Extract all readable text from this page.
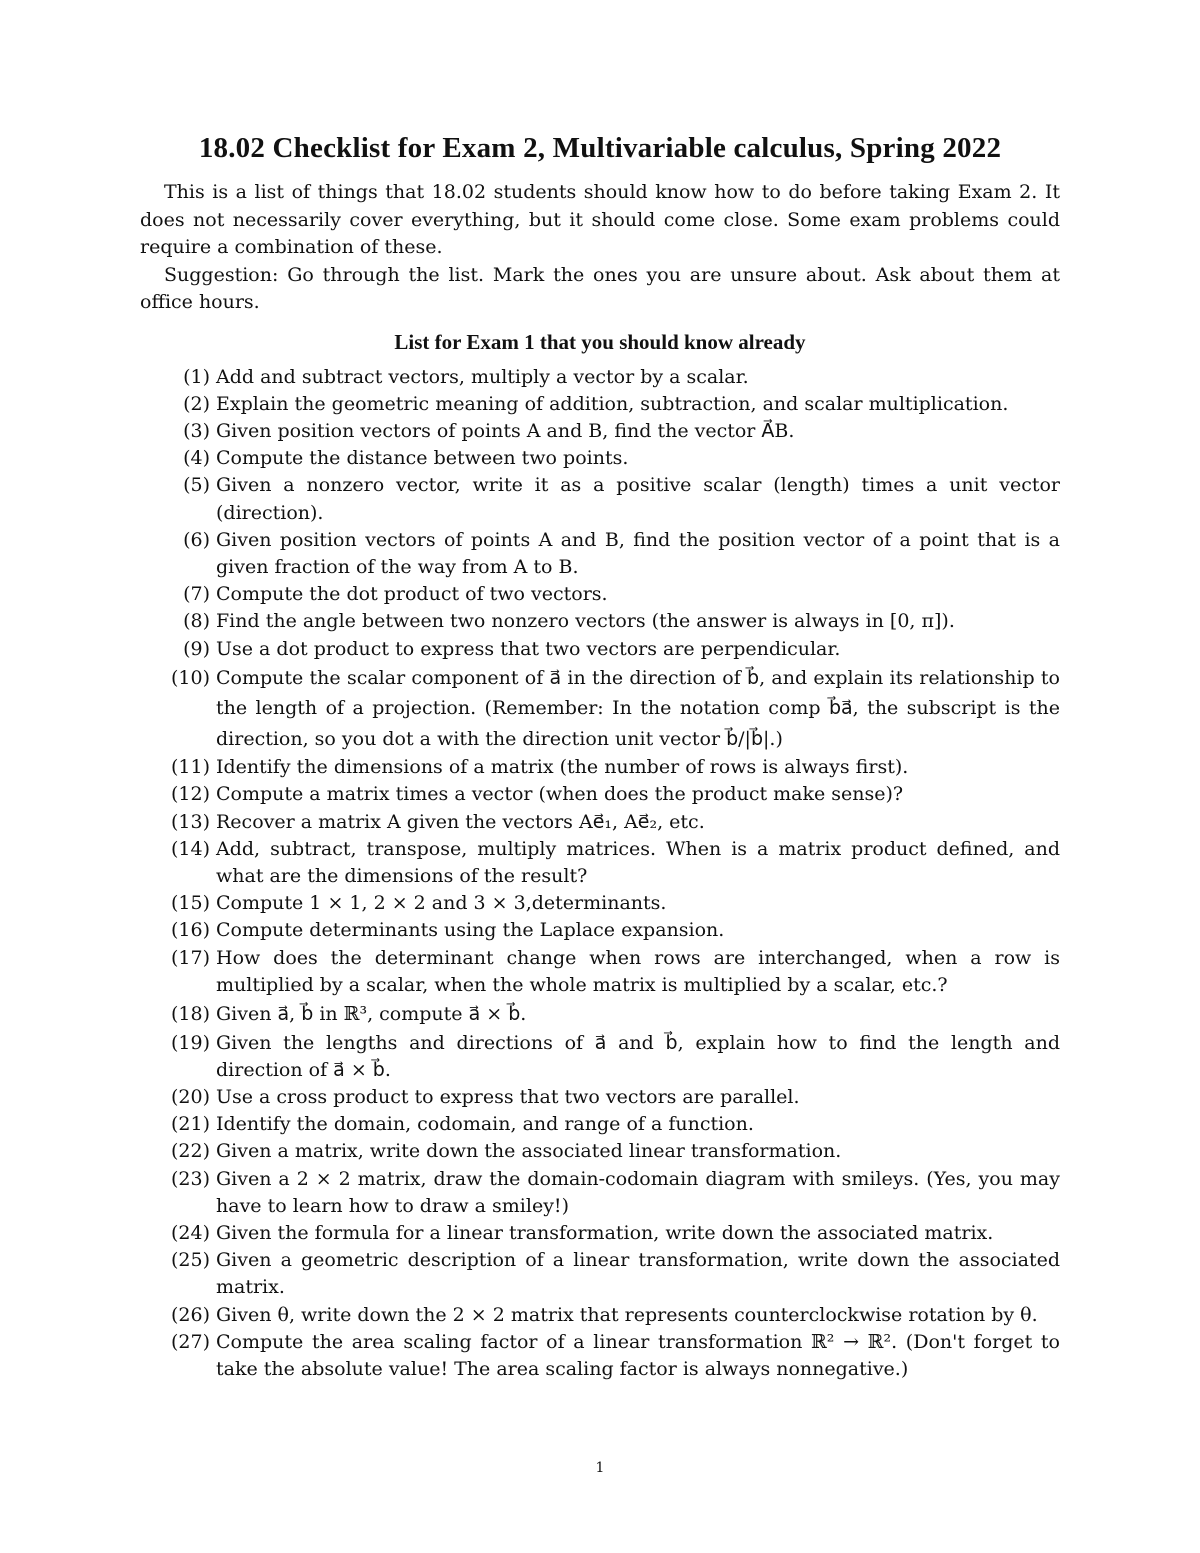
18.02 Checklist for Exam 2, Multivariable calculus, Spring 2022

This is a list of things that 18.02 students should know how to do before taking Exam 2. It does not necessarily cover everything, but it should come close. Some exam problems could require a combination of these.

Suggestion: Go through the list. Mark the ones you are unsure about. Ask about them at office hours.

List for Exam 1 that you should know already
(1) Add and subtract vectors, multiply a vector by a scalar.
(2) Explain the geometric meaning of addition, subtraction, and scalar multiplication.
(3) Given position vectors of points A and B, find the vector A⃗B.
(4) Compute the distance between two points.
(5) Given a nonzero vector, write it as a positive scalar (length) times a unit vector (direction).
(6) Given position vectors of points A and B, find the position vector of a point that is a given fraction of the way from A to B.
(7) Compute the dot product of two vectors.
(8) Find the angle between two nonzero vectors (the answer is always in [0, π]).
(9) Use a dot product to express that two vectors are perpendicular.
(10) Compute the scalar component of a⃗ in the direction of b⃗, and explain its relationship to the length of a projection. (Remember: In the notation comp b⃗a⃗, the subscript is the direction, so you dot a with the direction unit vector b⃗/|b⃗|.)
(11) Identify the dimensions of a matrix (the number of rows is always first).
(12) Compute a matrix times a vector (when does the product make sense)?
(13) Recover a matrix A given the vectors Ae⃗₁, Ae⃗₂, etc.
(14) Add, subtract, transpose, multiply matrices. When is a matrix product defined, and what are the dimensions of the result?
(15) Compute 1 × 1, 2 × 2 and 3 × 3,determinants.
(16) Compute determinants using the Laplace expansion.
(17) How does the determinant change when rows are interchanged, when a row is multiplied by a scalar, when the whole matrix is multiplied by a scalar, etc.?
(18) Given a⃗, b⃗ in ℝ³, compute a⃗ × b⃗.
(19) Given the lengths and directions of a⃗ and b⃗, explain how to find the length and direction of a⃗ × b⃗.
(20) Use a cross product to express that two vectors are parallel.
(21) Identify the domain, codomain, and range of a function.
(22) Given a matrix, write down the associated linear transformation.
(23) Given a 2 × 2 matrix, draw the domain-codomain diagram with smileys. (Yes, you may have to learn how to draw a smiley!)
(24) Given the formula for a linear transformation, write down the associated matrix.
(25) Given a geometric description of a linear transformation, write down the associated matrix.
(26) Given θ, write down the 2 × 2 matrix that represents counterclockwise rotation by θ.
(27) Compute the area scaling factor of a linear transformation ℝ² → ℝ². (Don't forget to take the absolute value! The area scaling factor is always nonnegative.)
1
